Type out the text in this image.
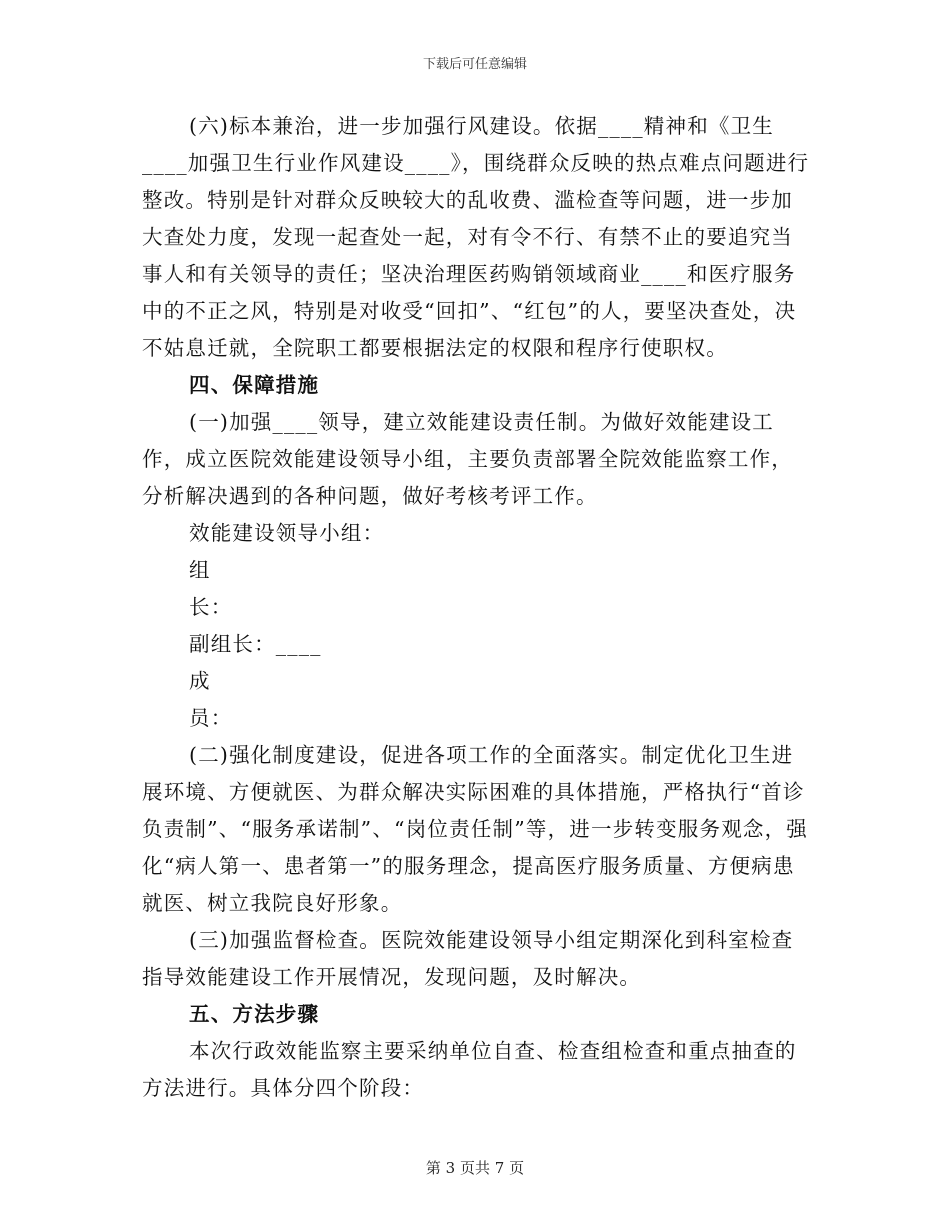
下载后可任意编辑

(六)标本兼治，进一步加强行风建设。依据____精神和《卫生____加强卫生行业作风建设____》，围绕群众反映的热点难点问题进行整改。特别是针对群众反映较大的乱收费、滥检查等问题，进一步加大查处力度，发现一起查处一起，对有令不行、有禁不止的要追究当事人和有关领导的责任；坚决治理医药购销领域商业____和医疗服务中的不正之风，特别是对收受“回扣”、“红包”的人，要坚决查处，决不姑息迁就，全院职工都要根据法定的权限和程序行使职权。

四、保障措施

(一)加强____领导，建立效能建设责任制。为做好效能建设工作，成立医院效能建设领导小组，主要负责部署全院效能监察工作，分析解决遇到的各种问题，做好考核考评工作。

效能建设领导小组：

组

长：

副组长：____

成

员：

(二)强化制度建设，促进各项工作的全面落实。制定优化卫生进展环境、方便就医、为群众解决实际困难的具体措施，严格执行“首诊负责制”、“服务承诺制”、“岗位责任制”等，进一步转变服务观念，强化“病人第一、患者第一”的服务理念，提高医疗服务质量、方便病患就医、树立我院良好形象。

(三)加强监督检查。医院效能建设领导小组定期深化到科室检查指导效能建设工作开展情况，发现问题，及时解决。

五、方法步骤

本次行政效能监察主要采纳单位自查、检查组检查和重点抽查的方法进行。具体分四个阶段：

第 3 页共 7 页
